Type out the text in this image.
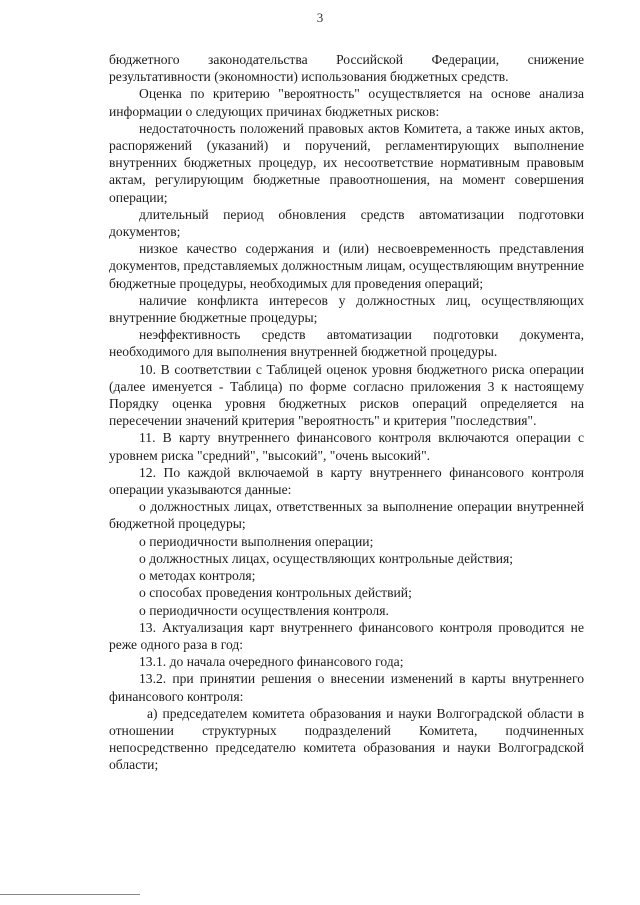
3

бюджетного законодательства Российской Федерации, снижение результативности (экономности) использования бюджетных средств.

Оценка по критерию "вероятность" осуществляется на основе анализа информации о следующих причинах бюджетных рисков:

недостаточность положений правовых актов Комитета, а также иных актов, распоряжений (указаний) и поручений, регламентирующих выполнение внутренних бюджетных процедур, их несоответствие нормативным правовым актам, регулирующим бюджетные правоотношения, на момент совершения операции;

длительный период обновления средств автоматизации подготовки документов;

низкое качество содержания и (или) несвоевременность представления документов, представляемых должностным лицам, осуществляющим внутренние бюджетные процедуры, необходимых для проведения операций;

наличие конфликта интересов у должностных лиц, осуществляющих внутренние бюджетные процедуры;

неэффективность средств автоматизации подготовки документа, необходимого для выполнения внутренней бюджетной процедуры.

10. В соответствии с Таблицей оценок уровня бюджетного риска операции (далее именуется - Таблица) по форме согласно приложения 3 к настоящему Порядку оценка уровня бюджетных рисков операций определяется на пересечении значений критерия "вероятность" и критерия "последствия".

11. В карту внутреннего финансового контроля включаются операции с уровнем риска "средний", "высокий", "очень высокий".

12. По каждой включаемой в карту внутреннего финансового контроля операции указываются данные:

о должностных лицах, ответственных за выполнение операции внутренней бюджетной процедуры;

о периодичности выполнения операции;

о должностных лицах, осуществляющих контрольные действия;

о методах контроля;

о способах проведения контрольных действий;

о периодичности осуществления контроля.

13. Актуализация карт внутреннего финансового контроля проводится не реже одного раза в год:

13.1. до начала очередного финансового года;

13.2. при принятии решения о внесении изменений в карты внутреннего финансового контроля:

а) председателем комитета образования и науки Волгоградской области в отношении структурных подразделений Комитета, подчиненных непосредственно председателю комитета образования и науки Волгоградской области;
